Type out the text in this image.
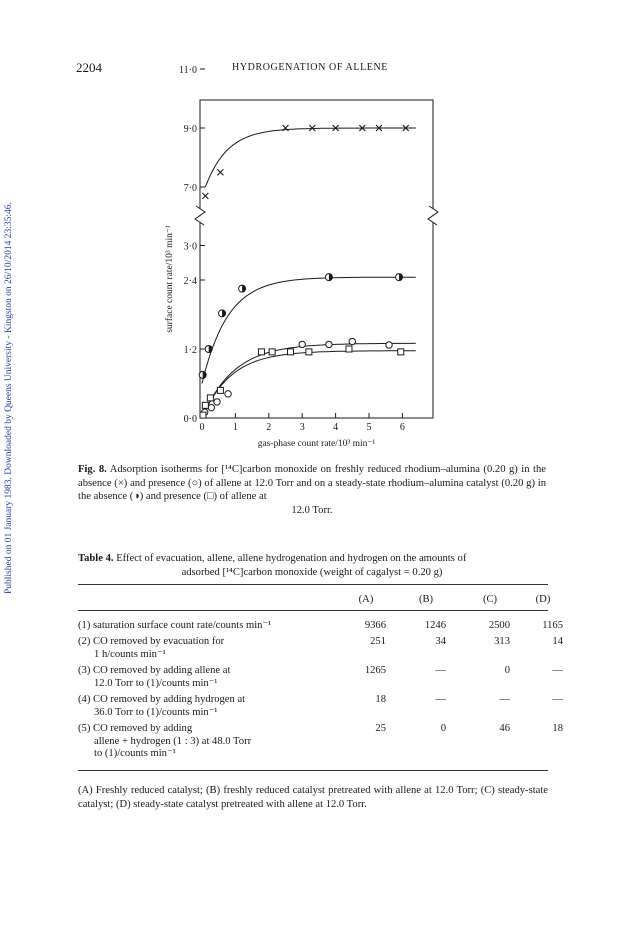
Published on 01 January 1983. Downloaded by Queens University - Kingston on 26/10/2014 23:35:46.
2204	HYDROGENATION OF ALLENE
0·0
1·2
2·4
3·0
7·0
9·0
11·0
0	1	2	3	4	5	6
gas-phase count rate/10³ min⁻¹
surface count rate/10³ min⁻¹
Fig. 8. Adsorption isotherms for [¹⁴C]carbon monoxide on freshly reduced rhodium–alumina (0.20 g) in the absence (×) and presence (○) of allene at 12.0 Torr and on a steady-state rhodium–alumina catalyst (0.20 g) in the absence (◑) and presence (□) of allene at
12.0 Torr.
Table 4. Effect of evacuation, allene, allene hydrogenation and hydrogen on the amounts of
adsorbed [¹⁴C]carbon monoxide (weight of cagalyst = 0.20 g)
(A)	(B)	(C)	(D)
(1) saturation surface count rate/counts min⁻¹	9366	1246	2500	1165
(2) CO removed by evacuation for
1 h/counts min⁻¹
251	34	313	14
(3) CO removed by adding allene at
12.0 Torr to (1)/counts min⁻¹
1265	—	0	—
(4) CO removed by adding hydrogen at
36.0 Torr to (1)/counts min⁻¹
18	—	—	—
(5) CO removed by adding
allene + hydrogen (1 : 3) at 48.0 Torr
to (1)/counts min⁻¹
25	0	46	18
(A) Freshly reduced catalyst; (B) freshly reduced catalyst pretreated with allene at 12.0 Torr; (C) steady-state catalyst; (D) steady-state catalyst pretreated with allene at 12.0 Torr.
